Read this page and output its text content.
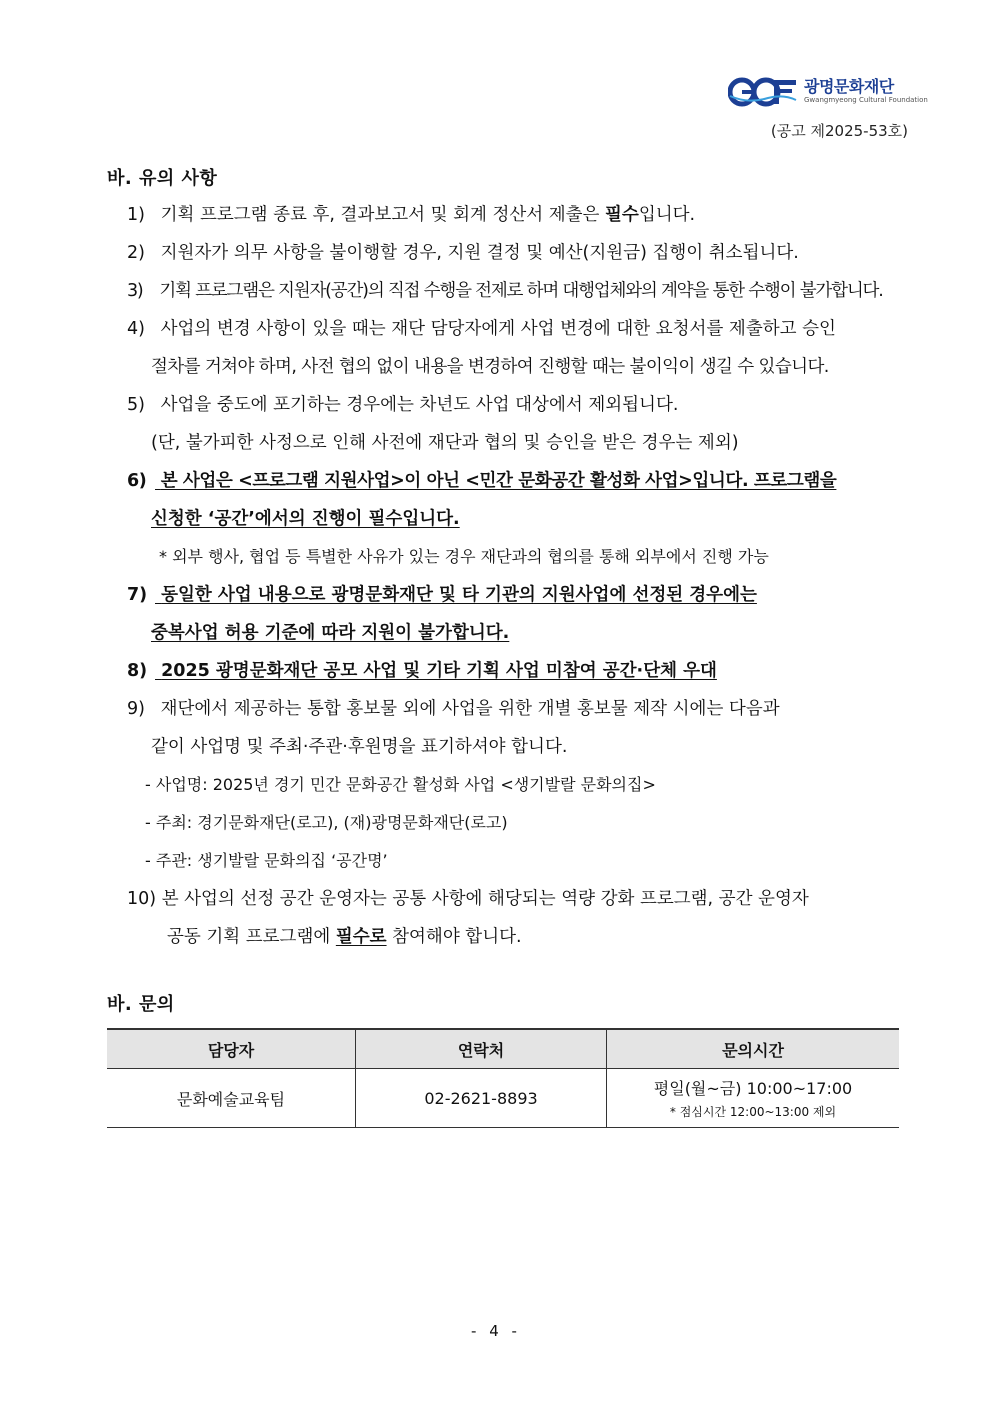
광명문화재단
Gwangmyeong Cultural Foundation
(공고 제2025-53호)
바. 유의 사항
1) 기획 프로그램 종료 후, 결과보고서 및 회계 정산서 제출은 필수입니다.
2) 지원자가 의무 사항을 불이행할 경우, 지원 결정 및 예산(지원금) 집행이 취소됩니다.
3) 기획 프로그램은 지원자(공간)의 직접 수행을 전제로 하며 대행업체와의 계약을 통한 수행이 불가합니다.
4) 사업의 변경 사항이 있을 때는 재단 담당자에게 사업 변경에 대한 요청서를 제출하고 승인
절차를 거쳐야 하며, 사전 협의 없이 내용을 변경하여 진행할 때는 불이익이 생길 수 있습니다.
5) 사업을 중도에 포기하는 경우에는 차년도 사업 대상에서 제외됩니다.
(단, 불가피한 사정으로 인해 사전에 재단과 협의 및 승인을 받은 경우는 제외)
6) 본 사업은 <프로그램 지원사업>이 아닌 <민간 문화공간 활성화 사업>입니다. 프로그램을
신청한 ‘공간’에서의 진행이 필수입니다.
* 외부 행사, 협업 등 특별한 사유가 있는 경우 재단과의 협의를 통해 외부에서 진행 가능
7) 동일한 사업 내용으로 광명문화재단 및 타 기관의 지원사업에 선정된 경우에는
중복사업 허용 기준에 따라 지원이 불가합니다.
8) 2025 광명문화재단 공모 사업 및 기타 기획 사업 미참여 공간·단체 우대
9) 재단에서 제공하는 통합 홍보물 외에 사업을 위한 개별 홍보물 제작 시에는 다음과
같이 사업명 및 주최·주관·후원명을 표기하셔야 합니다.
- 사업명: 2025년 경기 민간 문화공간 활성화 사업 <생기발랄 문화의집>
- 주최: 경기문화재단(로고), (재)광명문화재단(로고)
- 주관: 생기발랄 문화의집 ‘공간명’
10) 본 사업의 선정 공간 운영자는 공통 사항에 해당되는 역량 강화 프로그램, 공간 운영자
공동 기획 프로그램에 필수로 참여해야 합니다.
바. 문의
담당자	연락처	문의시간
문화예술교육팀	02-2621-8893	평일(월~금) 10:00~17:00
* 점심시간 12:00~13:00 제외
- 4 -
